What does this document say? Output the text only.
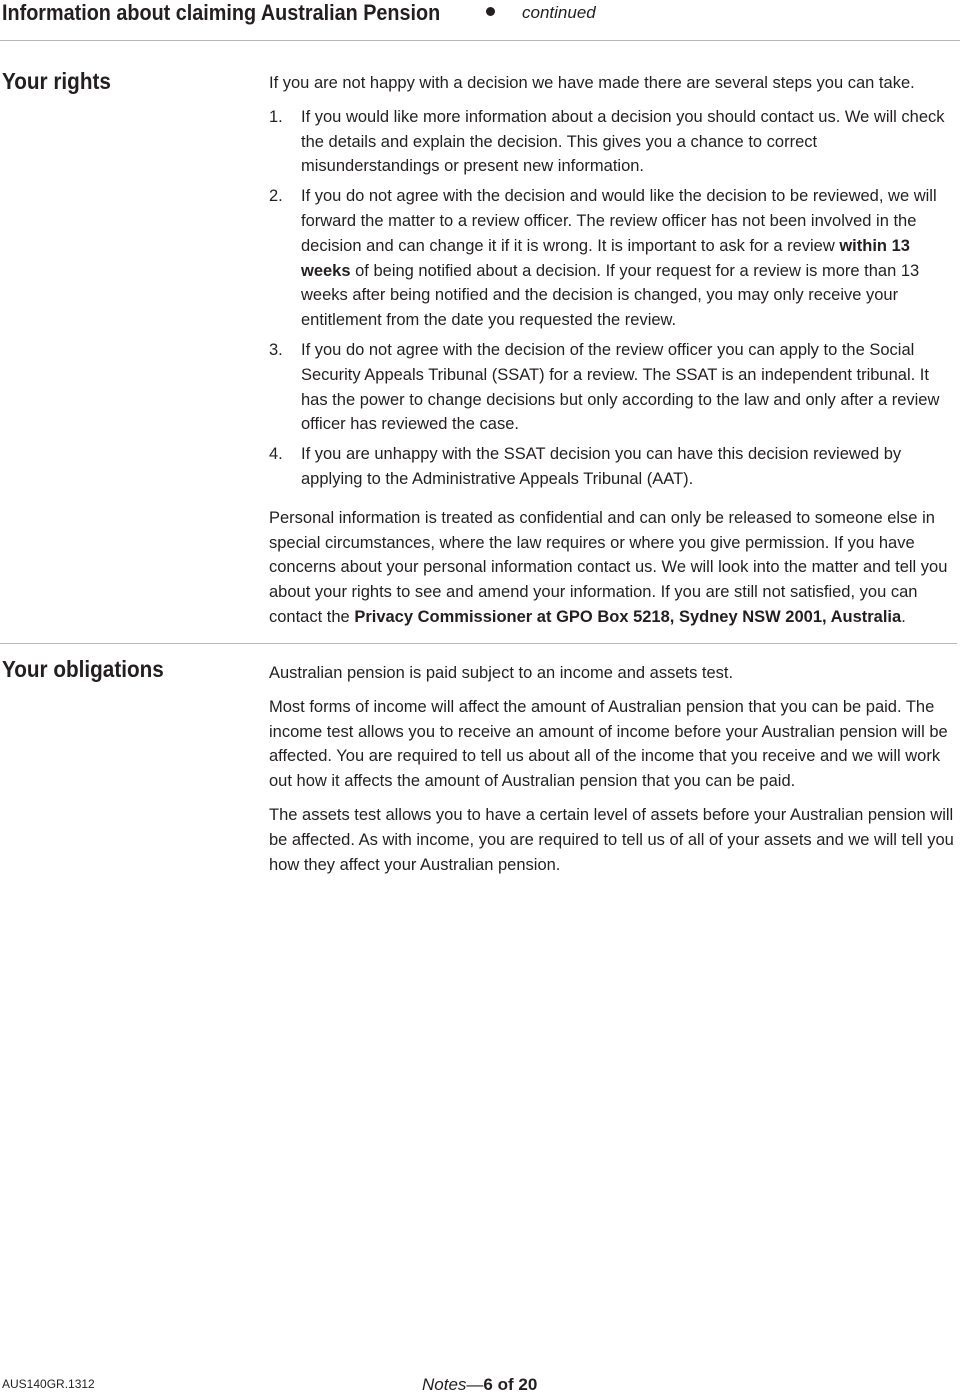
Information about claiming Australian Pension	continued
Your rights	If you are not happy with a decision we have made there are several steps you can take.

1. If you would like more information about a decision you should contact us. We will check the details and explain the decision. This gives you a chance to correct misunderstandings or present new information.
2. If you do not agree with the decision and would like the decision to be reviewed, we will forward the matter to a review officer. The review officer has not been involved in the decision and can change it if it is wrong. It is important to ask for a review within 13 weeks of being notified about a decision. If your request for a review is more than 13 weeks after being notified and the decision is changed, you may only receive your entitlement from the date you requested the review.
3. If you do not agree with the decision of the review officer you can apply to the Social Security Appeals Tribunal (SSAT) for a review. The SSAT is an independent tribunal. It has the power to change decisions but only according to the law and only after a review officer has reviewed the case.
4. If you are unhappy with the SSAT decision you can have this decision reviewed by applying to the Administrative Appeals Tribunal (AAT).

Personal information is treated as confidential and can only be released to someone else in special circumstances, where the law requires or where you give permission. If you have concerns about your personal information contact us. We will look into the matter and tell you about your rights to see and amend your information. If you are still not satisfied, you can contact the Privacy Commissioner at GPO Box 5218, Sydney NSW 2001, Australia.

Your obligations	Australian pension is paid subject to an income and assets test.

Most forms of income will affect the amount of Australian pension that you can be paid. The income test allows you to receive an amount of income before your Australian pension will be affected. You are required to tell us about all of the income that you receive and we will work out how it affects the amount of Australian pension that you can be paid.

The assets test allows you to have a certain level of assets before your Australian pension will be affected. As with income, you are required to tell us of all of your assets and we will tell you how they affect your Australian pension.

AUS140GR.1312	Notes—6 of 20
